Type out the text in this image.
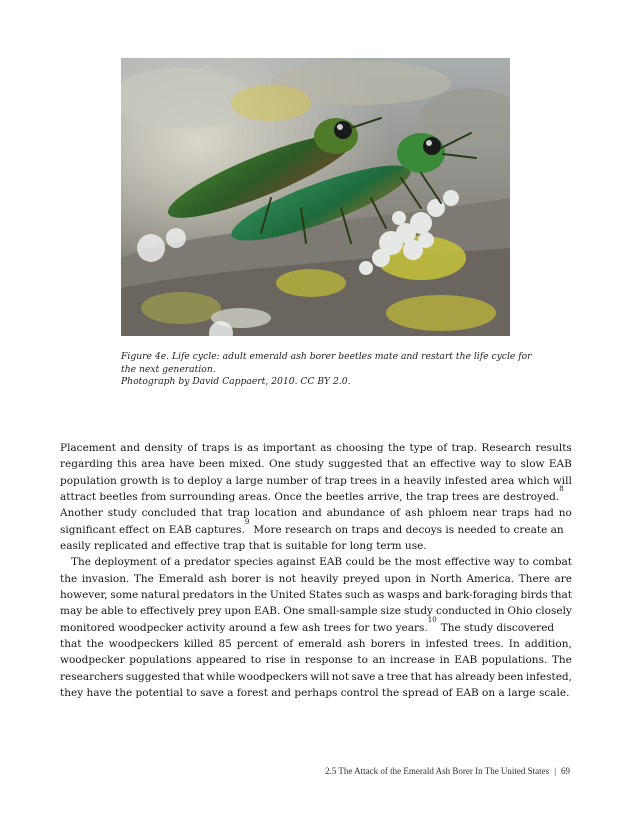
Figure 4e. Life cycle: adult emerald ash borer beetles mate and restart the life cycle for
the next generation.
Photograph by David Cappaert, 2010. CC BY 2.0.
Placement and density of traps is as important as choosing the type of trap. Research results
regarding this area have been mixed. One study suggested that an effective way to slow EAB
population growth is to deploy a large number of trap trees in a heavily infested area which will
attract beetles from surrounding areas. Once the beetles arrive, the trap trees are destroyed.
8
Another study concluded that trap location and abundance of ash phloem near traps had no
significant effect on EAB captures.
9
More research on traps and decoys is needed to create an
easily replicated and effective trap that is suitable for long term use.
The deployment of a predator species against EAB could be the most effective way to combat
the invasion. The Emerald ash borer is not heavily preyed upon in North America. There are
however, some natural predators in the United States such as wasps and bark-foraging birds that
may be able to effectively prey upon EAB. One small-sample size study conducted in Ohio closely
monitored woodpecker activity around a few ash trees for two years.
10
The study discovered
that the woodpeckers killed 85 percent of emerald ash borers in infested trees. In addition,
woodpecker populations appeared to rise in response to an increase in EAB populations. The
researchers suggested that while woodpeckers will not save a tree that has already been infested,
they have the potential to save a forest and perhaps control the spread of EAB on a large scale.
2.5 The Attack of the Emerald Ash Borer In The United States | 69
